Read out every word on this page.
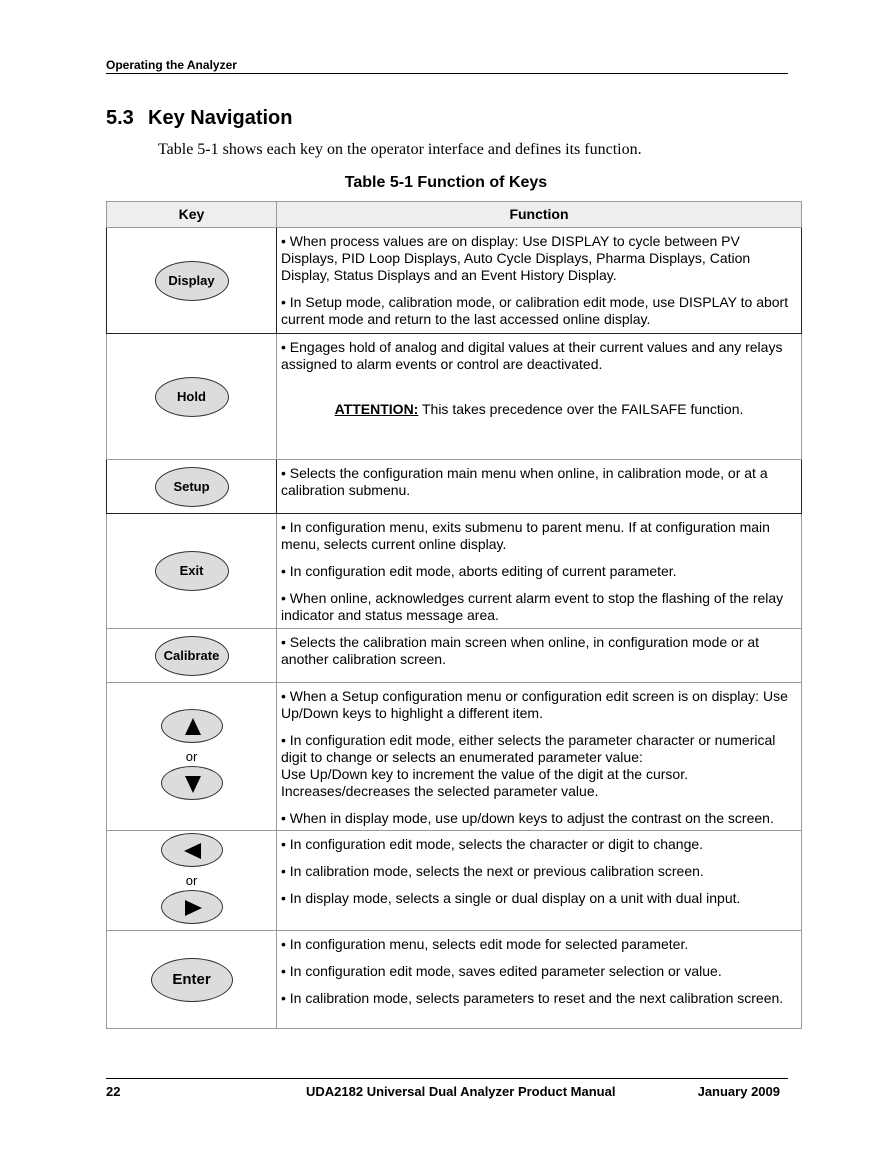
Operating the Analyzer
5.3 Key Navigation
Table 5-1 shows each key on the operator interface and defines its function.
Table 5-1 Function of Keys
Key	Function
Display	• When process values are on display: Use DISPLAY to cycle between PV Displays, PID Loop Displays, Auto Cycle Displays, Pharma Displays, Cation Display, Status Displays and an Event History Display.
• In Setup mode, calibration mode, or calibration edit mode, use DISPLAY to abort current mode and return to the last accessed online display.

Hold	• Engages hold of analog and digital values at their current values and any relays assigned to alarm events or control are deactivated.
ATTENTION: This takes precedence over the FAILSAFE function.

Setup	• Selects the configuration main menu when online, in calibration mode, or at a calibration submenu.

Exit	• In configuration menu, exits submenu to parent menu. If at configuration main menu, selects current online display.
• In configuration edit mode, aborts editing of current parameter.
• When online, acknowledges current alarm event to stop the flashing of the relay indicator and status message area.

Calibrate	• Selects the calibration main screen when online, in configuration mode or at another calibration screen.

or	• When a Setup configuration menu or configuration edit screen is on display: Use Up/Down keys to highlight a different item.
• In configuration edit mode, either selects the parameter character or numerical digit to change or selects an enumerated parameter value:
Use Up/Down key to increment the value of the digit at the cursor. Increases/decreases the selected parameter value.
• When in display mode, use up/down keys to adjust the contrast on the screen.

or	• In configuration edit mode, selects the character or digit to change.
• In calibration mode, selects the next or previous calibration screen.
• In display mode, selects a single or dual display on a unit with dual input.

Enter	• In configuration menu, selects edit mode for selected parameter.
• In configuration edit mode, saves edited parameter selection or value.
• In calibration mode, selects parameters to reset and the next calibration screen.
22	UDA2182 Universal Dual Analyzer Product Manual	January 2009
